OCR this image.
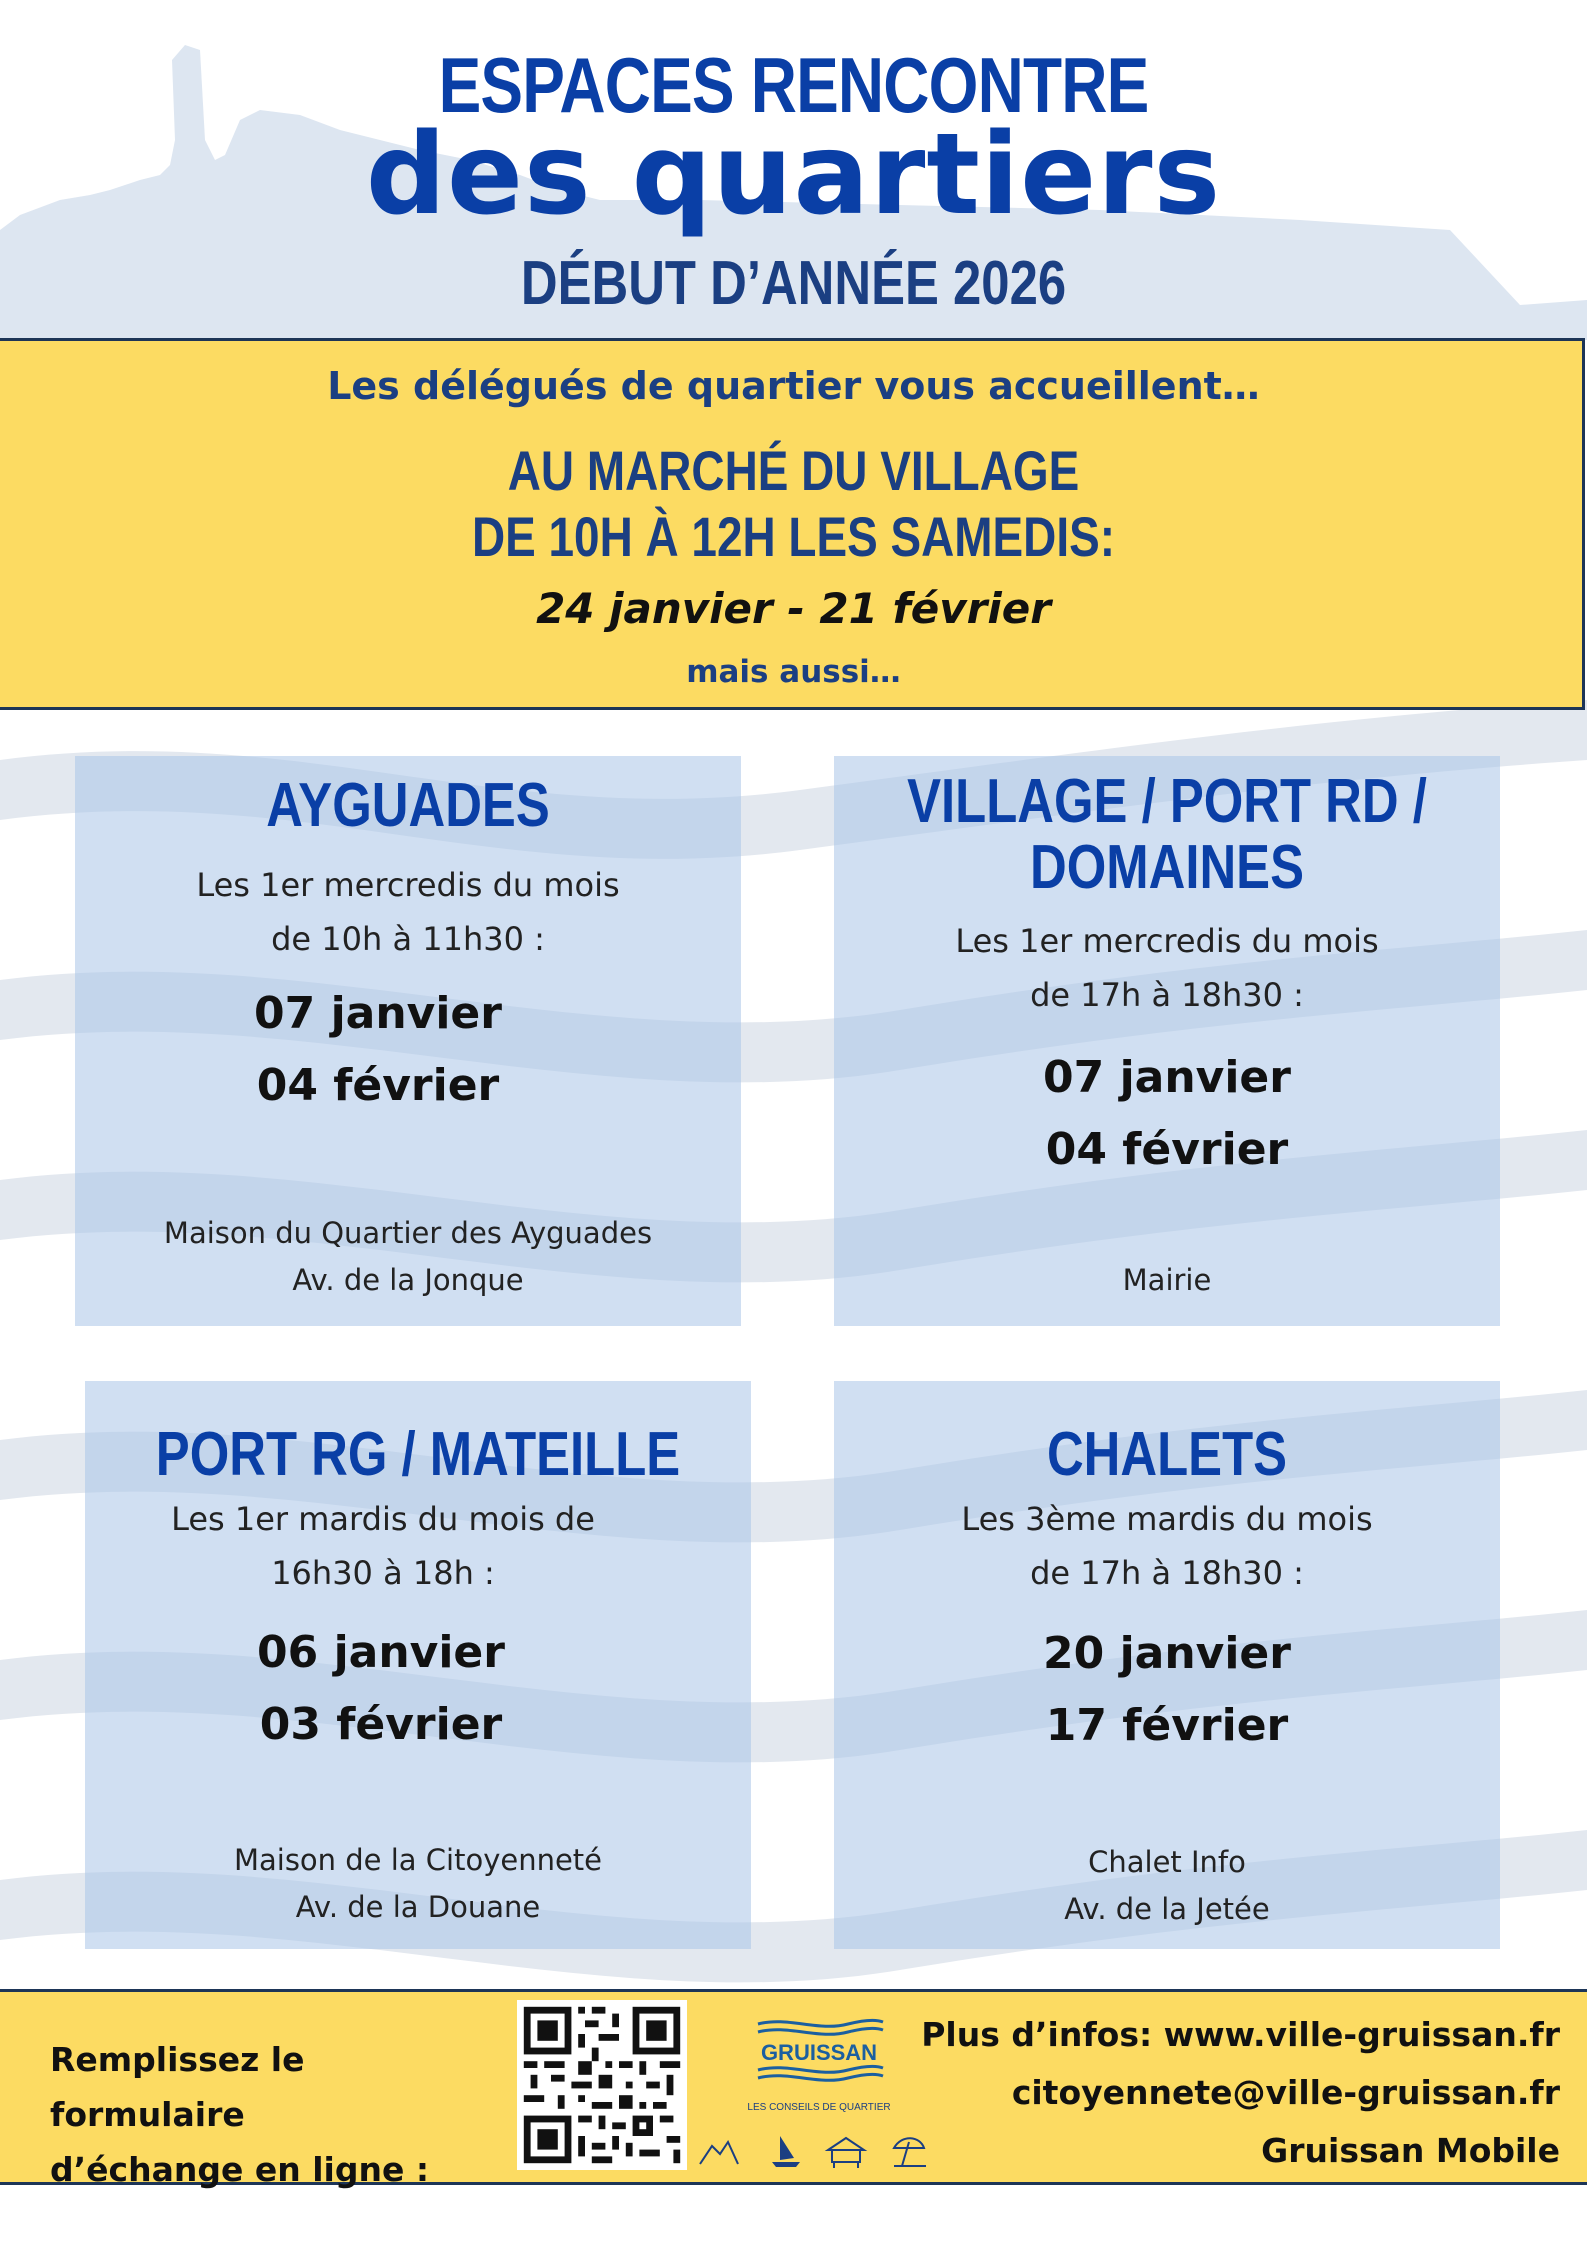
ESPACES RENCONTRE
des quartiers
DÉBUT D’ANNÉE 2026
Les délégués de quartier vous accueillent…
AU MARCHÉ DU VILLAGE
DE 10H À 12H LES SAMEDIS:
24 janvier - 21 février
mais aussi…
AYGUADES
Les 1er mercredis du mois
de 10h à 11h30 :
07 janvier
04 février
Maison du Quartier des Ayguades
Av. de la Jonque
VILLAGE / PORT RD /
DOMAINES
Les 1er mercredis du mois
de 17h à 18h30 :
07 janvier
04 février
Mairie
PORT RG / MATEILLE
Les 1er mardis du mois de
16h30 à 18h :
06 janvier
03 février
Maison de la Citoyenneté
Av. de la Douane
CHALETS
Les 3ème mardis du mois
de 17h à 18h30 :
20 janvier
17 février
Chalet Info
Av. de la Jetée
Remplissez le formulaire
d’échange en ligne :
GRUISSAN
LES CONSEILS DE QUARTIER
Plus d’infos: www.ville-gruissan.fr
citoyennete@ville-gruissan.fr
Gruissan Mobile
